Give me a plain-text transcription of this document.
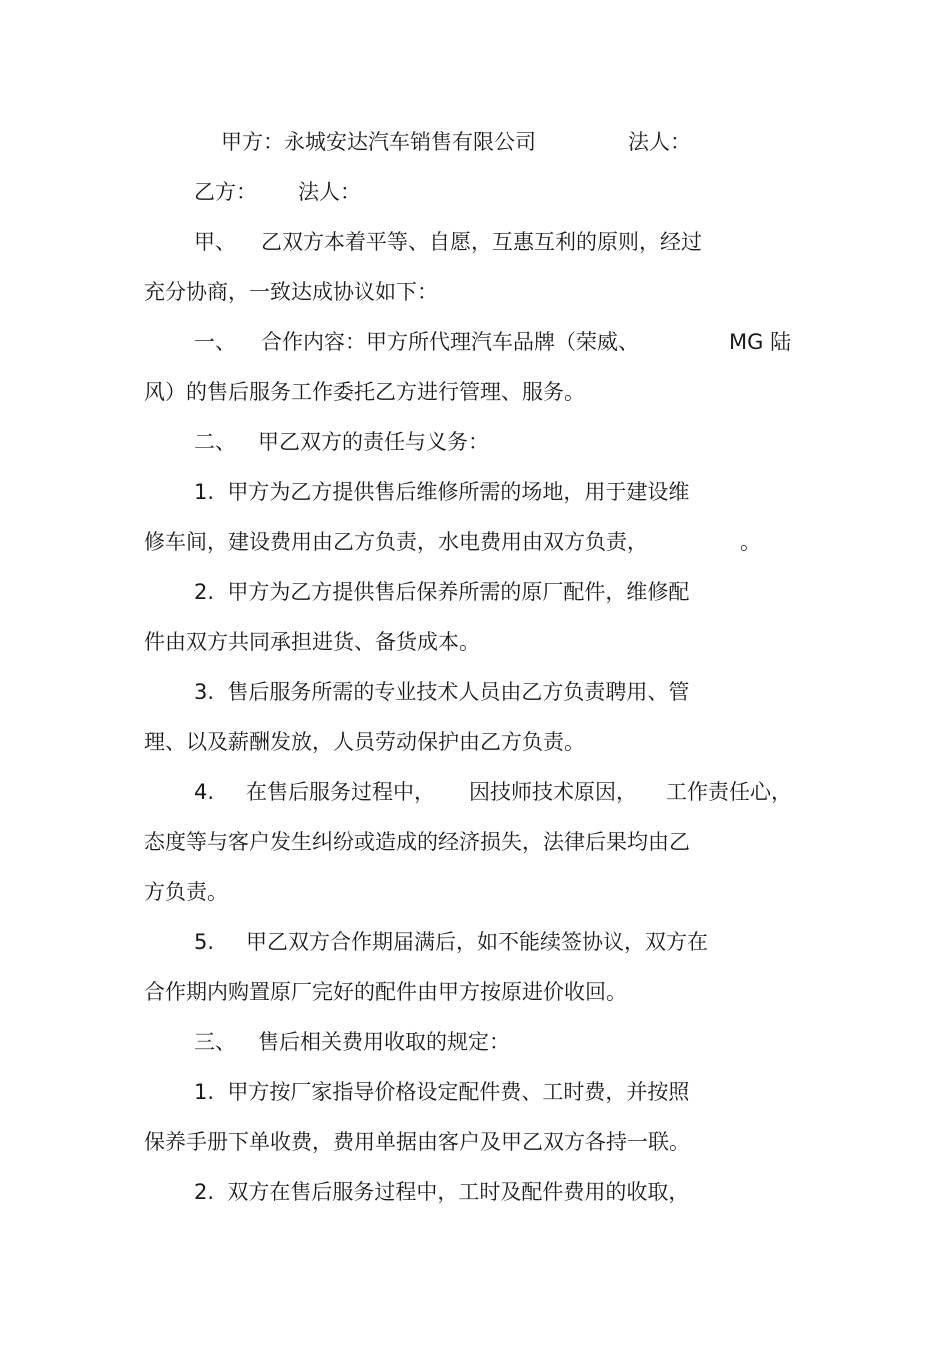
甲方：永城安达汽车销售有限公司	法人：
乙方： 法人：
甲、 乙双方本着平等、自愿，互惠互利的原则，经过
充分协商，一致达成协议如下：
一、 合作内容：甲方所代理汽车品牌（荣威、	MG 陆
风）的售后服务工作委托乙方进行管理、服务。
二、 甲乙双方的责任与义务：
1.  甲方为乙方提供售后维修所需的场地，用于建设维
修车间，建设费用由乙方负责，水电费用由双方负责，	。
2.  甲方为乙方提供售后保养所需的原厂配件，维修配
件由双方共同承担进货、备货成本。
3.  售后服务所需的专业技术人员由乙方负责聘用、管
理、以及薪酬发放，人员劳动保护由乙方负责。
4. 在售后服务过程中， 因技师技术原因， 工作责任心，
态度等与客户发生纠纷或造成的经济损失，法律后果均由乙
方负责。
5. 甲乙双方合作期届满后，如不能续签协议，双方在
合作期内购置原厂完好的配件由甲方按原进价收回。
三、 售后相关费用收取的规定：
1.  甲方按厂家指导价格设定配件费、工时费，并按照
保养手册下单收费，费用单据由客户及甲乙双方各持一联。
2.  双方在售后服务过程中，工时及配件费用的收取，
